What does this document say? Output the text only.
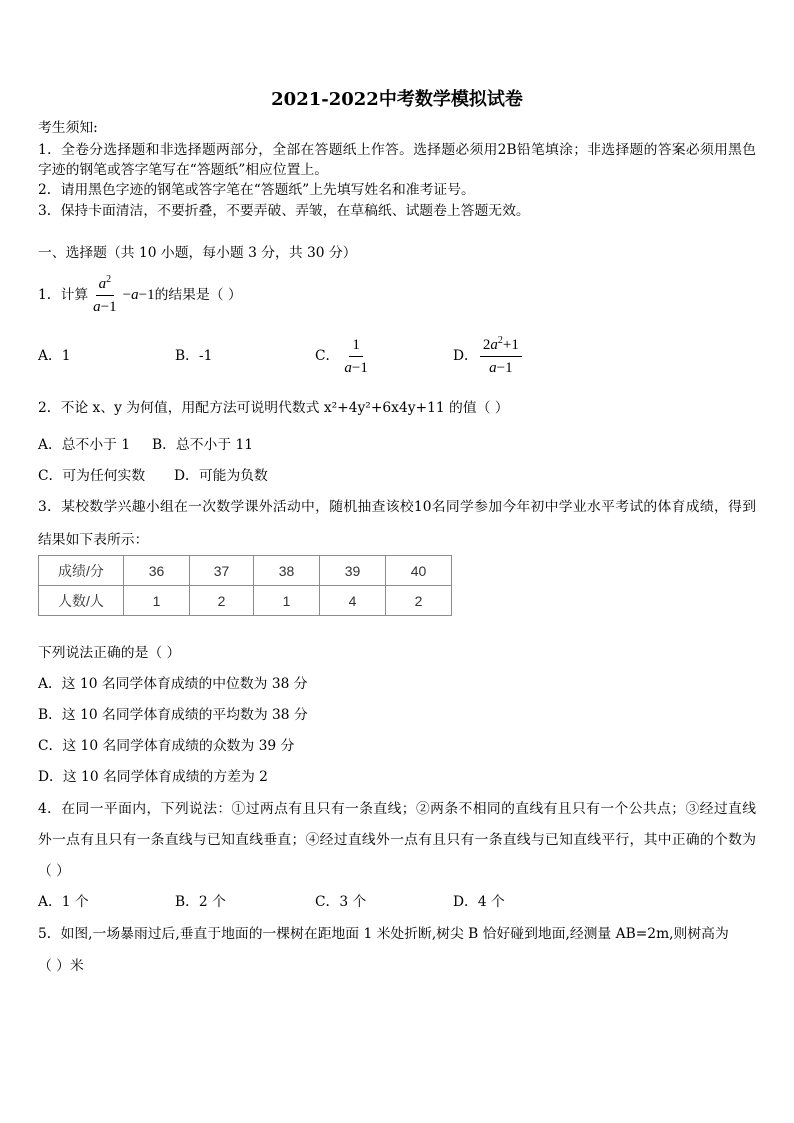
2021-2022中考数学模拟试卷
考生须知:
1．全卷分选择题和非选择题两部分，全部在答题纸上作答。选择题必须用2B铅笔填涂；非选择题的答案必须用黑色
字迹的钢笔或答字笔写在“答题纸”相应位置上。
2．请用黑色字迹的钢笔或答字笔在“答题纸”上先填写姓名和准考证号。
3．保持卡面清洁，不要折叠，不要弄破、弄皱，在草稿纸、试题卷上答题无效。
一、选择题（共 10 小题，每小题 3 分，共 30 分）
1．计算 $\frac{a^2}{a-1} -a-1$的结果是（ ）
A．1	B．-1	C． $\frac{1}{a-1}$	D． $\frac{2a^2+1}{a-1}$
2．不论 x、y 为何值，用配方法可说明代数式 x²+4y²+6x4y+11 的值（ ）
A．总不小于 1 B．总不小于 11
C．可为任何实数 D．可能为负数
3．某校数学兴趣小组在一次数学课外活动中，随机抽查该校10名同学参加今年初中学业水平考试的体育成绩，得到
结果如下表所示：
成绩/分	36	37	38	39	40
人数/人	1	2	1	4	2
下列说法正确的是（ ）
A．这 10 名同学体育成绩的中位数为 38 分
B．这 10 名同学体育成绩的平均数为 38 分
C．这 10 名同学体育成绩的众数为 39 分
D．这 10 名同学体育成绩的方差为 2
4．在同一平面内，下列说法：①过两点有且只有一条直线；②两条不相同的直线有且只有一个公共点；③经过直线
外一点有且只有一条直线与已知直线垂直；④经过直线外一点有且只有一条直线与已知直线平行，其中正确的个数为
（ ）
A．1 个	B．2 个	C．3 个	D．4 个
5．如图,一场暴雨过后,垂直于地面的一棵树在距地面 1 米处折断,树尖 B 恰好碰到地面,经测量 AB=2m,则树高为
（ ）米
